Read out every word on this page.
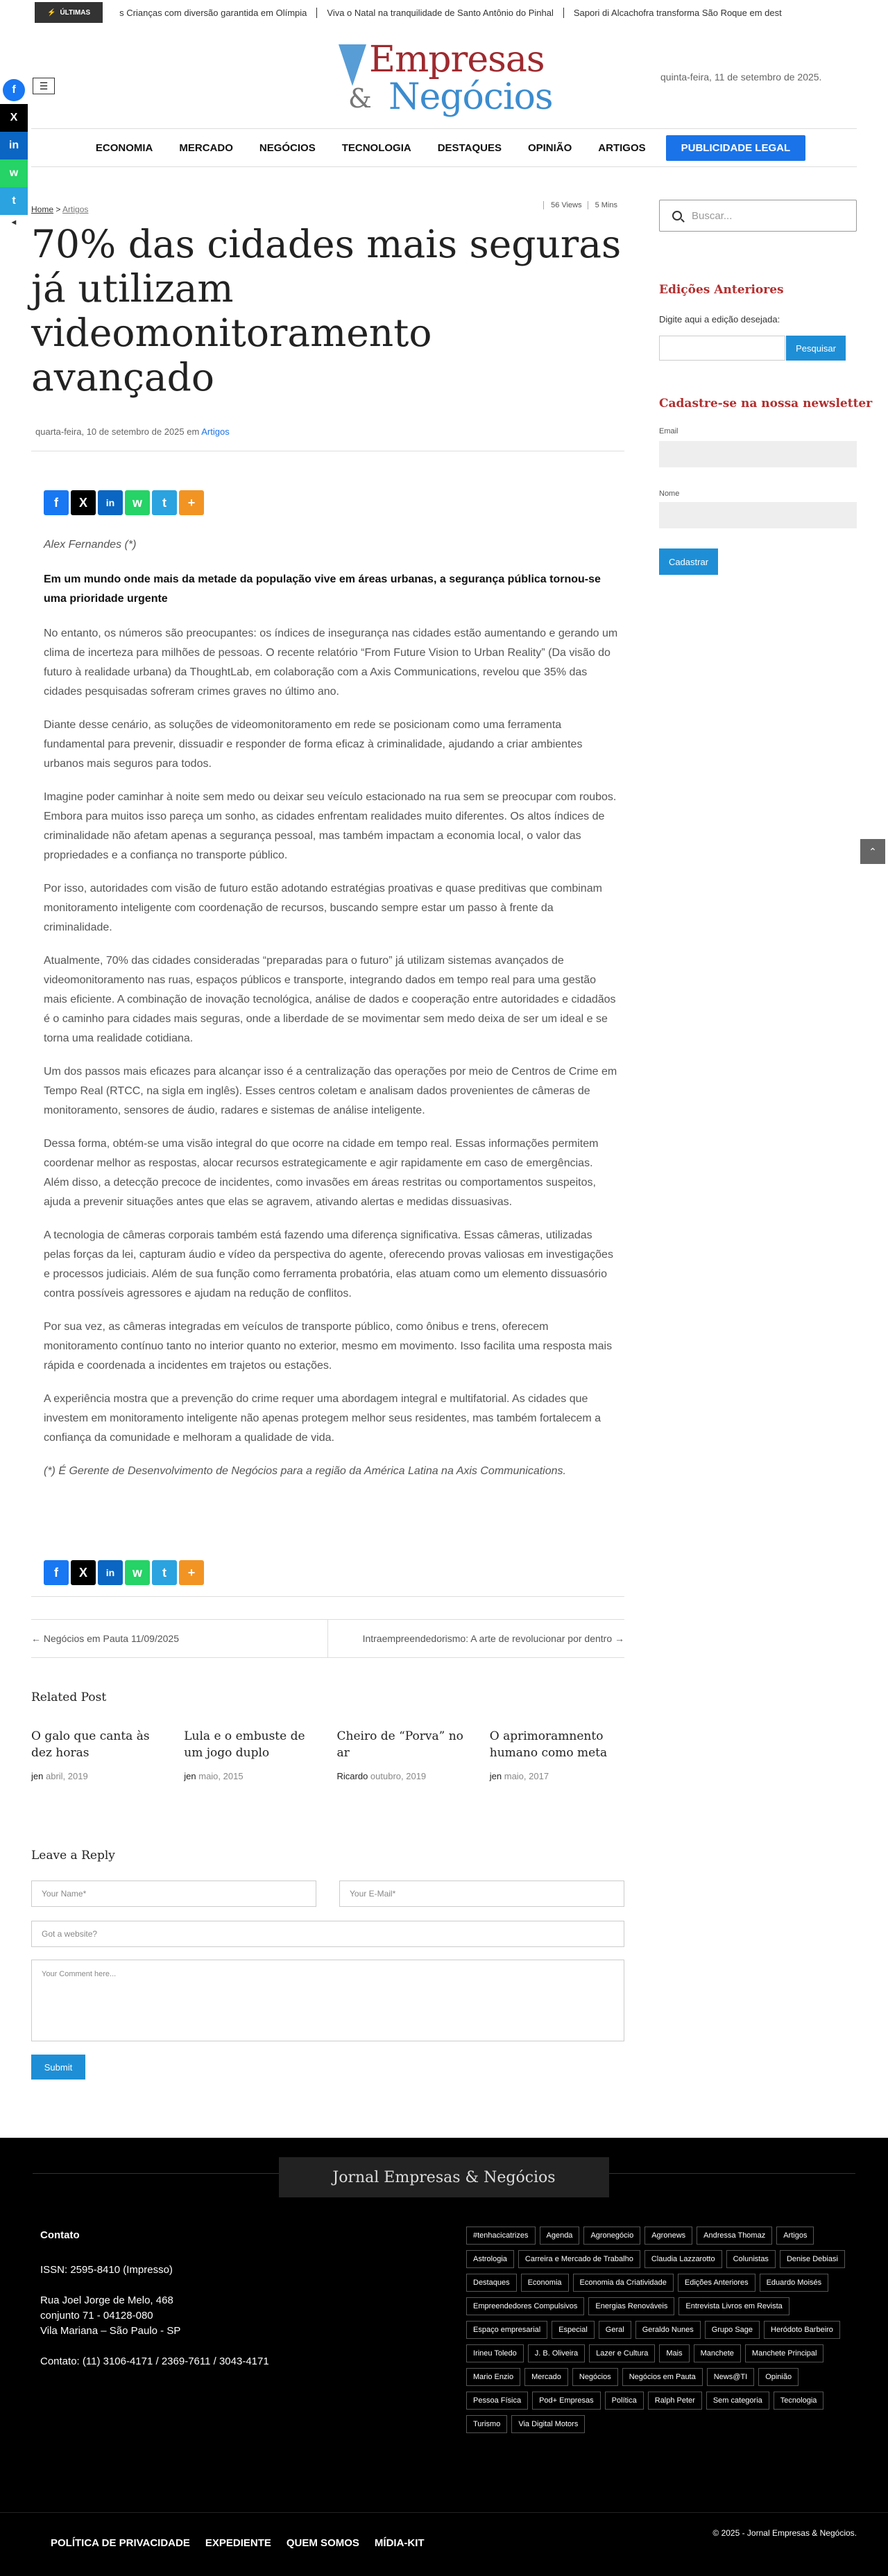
⚡ ÚLTIMAS	s Crianças com diversão garantida em Olímpia	Viva o Natal na tranquilidade de Santo Antônio do Pinhal	Sapori di Alcachofra transforma São Roque em dest
f
X
in
w
t
◂
☰
Empresas
& Negócios	quinta-feira, 11 de setembro de 2025.
ECONOMIA	MERCADO	NEGÓCIOS	TECNOLOGIA	DESTAQUES	OPINIÃO	ARTIGOS	PUBLICIDADE LEGAL
Home > Artigos	56 Views	5 Mins
70% das cidades mais seguras já utilizam videomonitoramento avançado
quarta-feira, 10 de setembro de 2025 em Artigos
f	X	in	w	t	+

Alex Fernandes (*)

Em um mundo onde mais da metade da população vive em áreas urbanas, a segurança pública tornou-se uma prioridade urgente

No entanto, os números são preocupantes: os índices de insegurança nas cidades estão aumentando e gerando um clima de incerteza para milhões de pessoas. O recente relatório “From Future Vision to Urban Reality” (Da visão do futuro à realidade urbana) da ThoughtLab, em colaboração com a Axis Communications, revelou que 35% das cidades pesquisadas sofreram crimes graves no último ano.

Diante desse cenário, as soluções de videomonitoramento em rede se posicionam como uma ferramenta fundamental para prevenir, dissuadir e responder de forma eficaz à criminalidade, ajudando a criar ambientes urbanos mais seguros para todos.

Imagine poder caminhar à noite sem medo ou deixar seu veículo estacionado na rua sem se preocupar com roubos. Embora para muitos isso pareça um sonho, as cidades enfrentam realidades muito diferentes. Os altos índices de criminalidade não afetam apenas a segurança pessoal, mas também impactam a economia local, o valor das propriedades e a confiança no transporte público.

Por isso, autoridades com visão de futuro estão adotando estratégias proativas e quase preditivas que combinam monitoramento inteligente com coordenação de recursos, buscando sempre estar um passo à frente da criminalidade.

Atualmente, 70% das cidades consideradas “preparadas para o futuro” já utilizam sistemas avançados de videomonitoramento nas ruas, espaços públicos e transporte, integrando dados em tempo real para uma gestão mais eficiente. A combinação de inovação tecnológica, análise de dados e cooperação entre autoridades e cidadãos é o caminho para cidades mais seguras, onde a liberdade de se movimentar sem medo deixa de ser um ideal e se torna uma realidade cotidiana.

Um dos passos mais eficazes para alcançar isso é a centralização das operações por meio de Centros de Crime em Tempo Real (RTCC, na sigla em inglês). Esses centros coletam e analisam dados provenientes de câmeras de monitoramento, sensores de áudio, radares e sistemas de análise inteligente.

Dessa forma, obtém-se uma visão integral do que ocorre na cidade em tempo real. Essas informações permitem coordenar melhor as respostas, alocar recursos estrategicamente e agir rapidamente em caso de emergências. Além disso, a detecção precoce de incidentes, como invasões em áreas restritas ou comportamentos suspeitos, ajuda a prevenir situações antes que elas se agravem, ativando alertas e medidas dissuasivas.

A tecnologia de câmeras corporais também está fazendo uma diferença significativa. Essas câmeras, utilizadas pelas forças da lei, capturam áudio e vídeo da perspectiva do agente, oferecendo provas valiosas em investigações e processos judiciais. Além de sua função como ferramenta probatória, elas atuam como um elemento dissuasório contra possíveis agressores e ajudam na redução de conflitos.

Por sua vez, as câmeras integradas em veículos de transporte público, como ônibus e trens, oferecem monitoramento contínuo tanto no interior quanto no exterior, mesmo em movimento. Isso facilita uma resposta mais rápida e coordenada a incidentes em trajetos ou estações.

A experiência mostra que a prevenção do crime requer uma abordagem integral e multifatorial. As cidades que investem em monitoramento inteligente não apenas protegem melhor seus residentes, mas também fortalecem a confiança da comunidade e melhoram a qualidade de vida.

(*) É Gerente de Desenvolvimento de Negócios para a região da América Latina na Axis Communications.

f	X	in	w	t	+
← Negócios em Pauta 11/09/2025	Intraempreendedorismo: A arte de revolucionar por dentro →
Related Post
O galo que canta às dez horas
jen abril, 2019
Lula e o embuste de um jogo duplo
jen maio, 2015
Cheiro de “Porva” no ar
Ricardo outubro, 2019
O aprimoramnento humano como meta
jen maio, 2017
Leave a Reply
Your Name*	Your E-Mail*
Got a website?
Your Comment here...
Submit
Buscar...
Edições Anteriores
Digite aqui a edição desejada:
Pesquisar
Cadastre-se na nossa newsletter
Email
Nome
Cadastrar
⌃
Jornal Empresas & Negócios
Contato

ISSN: 2595-8410 (Impresso)

Rua Joel Jorge de Melo, 468
conjunto 71 - 04128-080
Vila Mariana – São Paulo - SP

Contato: (11) 3106-4171 / 2369-7611 / 3043-4171

#tenhacicatrizes	Agenda	Agronegócio	Agronews	Andressa Thomaz	Artigos
Astrologia	Carreira e Mercado de Trabalho	Claudia Lazzarotto	Colunistas	Denise Debiasi
Destaques	Economia	Economia da Criatividade	Edições Anteriores	Eduardo Moisés
Empreendedores Compulsivos	Energias Renováveis	Entrevista Livros em Revista
Espaço empresarial	Especial	Geral	Geraldo Nunes	Grupo Sage	Heródoto Barbeiro
Irineu Toledo	J. B. Oliveira	Lazer e Cultura	Mais	Manchete	Manchete Principal
Mario Enzio	Mercado	Negócios	Negócios em Pauta	News@TI	Opinião
Pessoa Física	Pod+ Empresas	Política	Ralph Peter	Sem categoria	Tecnologia
Turismo	Via Digital Motors
POLÍTICA DE PRIVACIDADE EXPEDIENTE QUEM SOMOS MÍDIA-KIT
© 2025 - Jornal Empresas & Negócios.
